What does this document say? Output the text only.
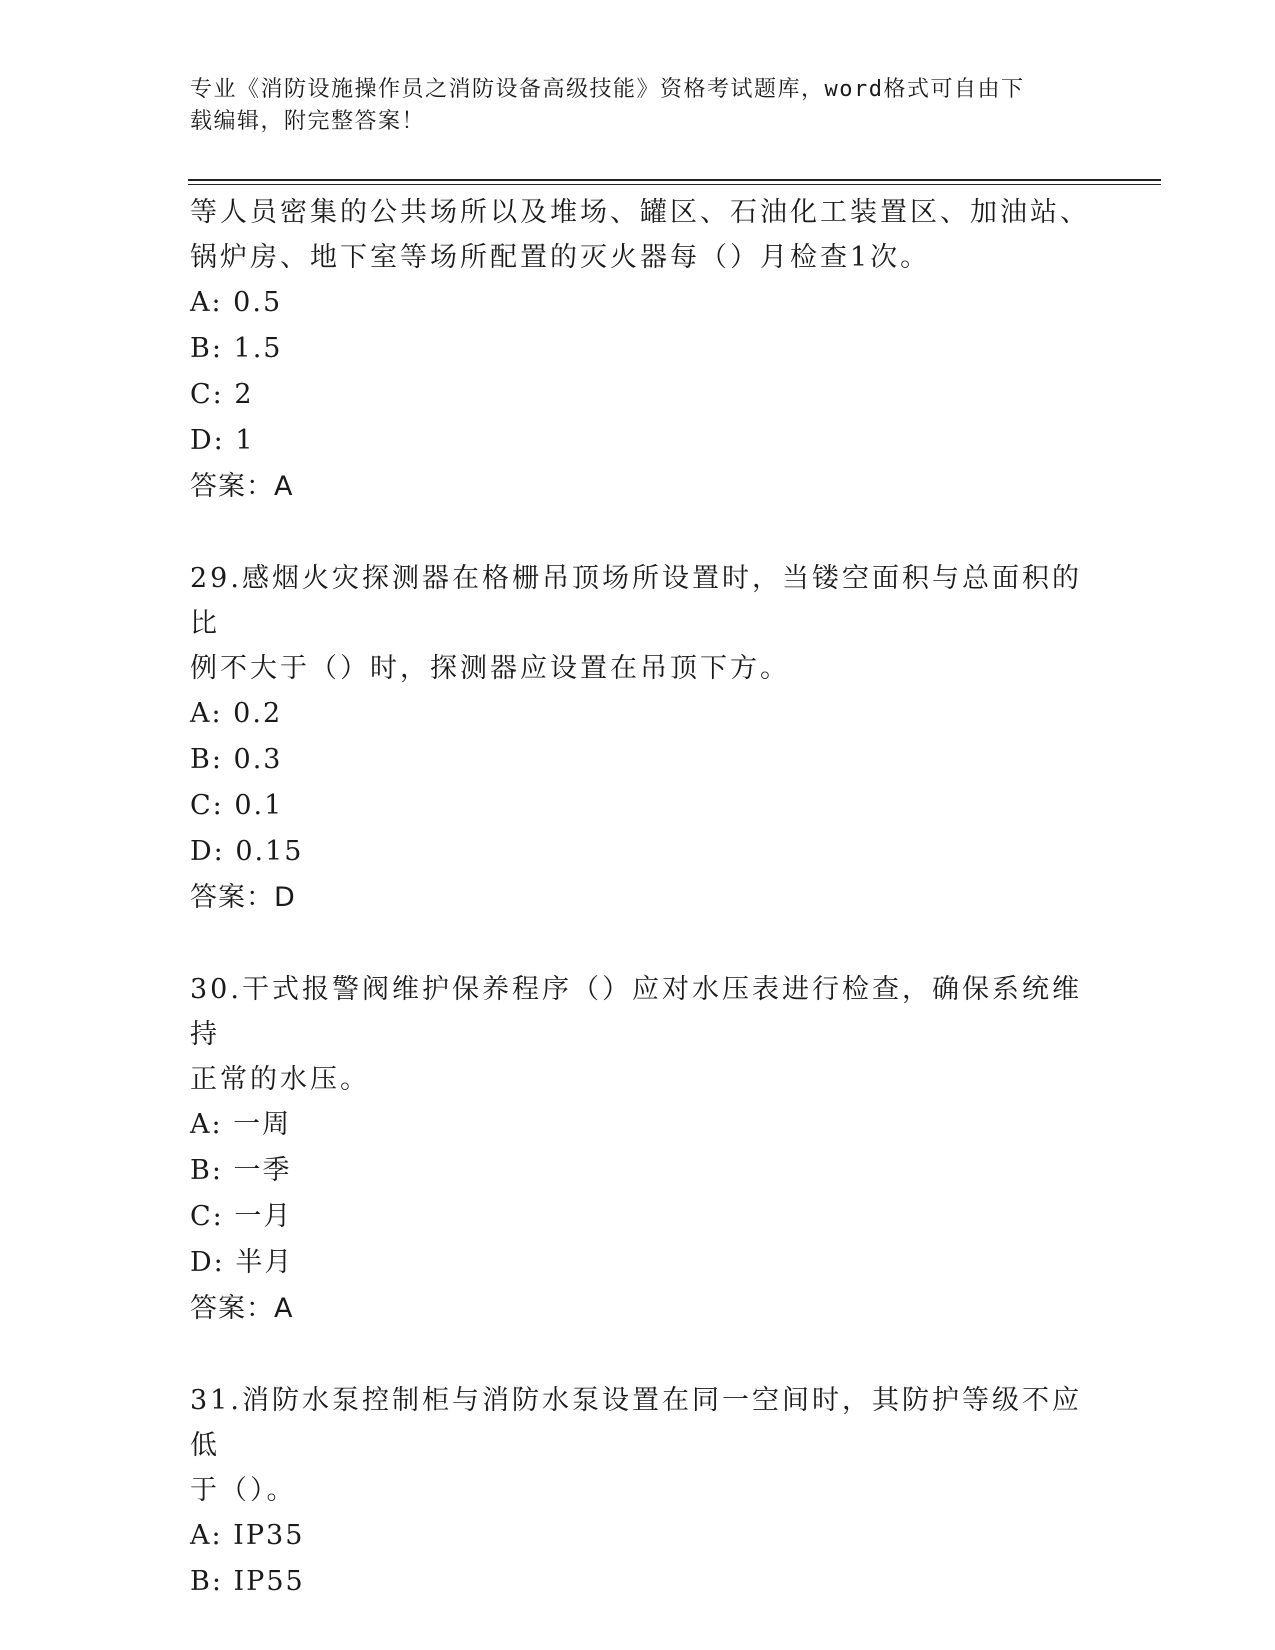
专业《消防设施操作员之消防设备高级技能》资格考试题库，word格式可自由下
载编辑，附完整答案！

等人员密集的公共场所以及堆场、罐区、石油化工装置区、加油站、

锅炉房、地下室等场所配置的灭火器每（）月检查1次。

A: 0.5

B: 1.5

C: 2

D: 1

答案：A

29.感烟火灾探测器在格栅吊顶场所设置时，当镂空面积与总面积的比

例不大于（）时，探测器应设置在吊顶下方。

A: 0.2

B: 0.3

C: 0.1

D: 0.15

答案：D

30.干式报警阀维护保养程序（）应对水压表进行检查，确保系统维持

正常的水压。

A: 一周

B: 一季

C: 一月

D: 半月

答案：A

31.消防水泵控制柜与消防水泵设置在同一空间时，其防护等级不应低

于（）。

A: IP35

B: IP55
